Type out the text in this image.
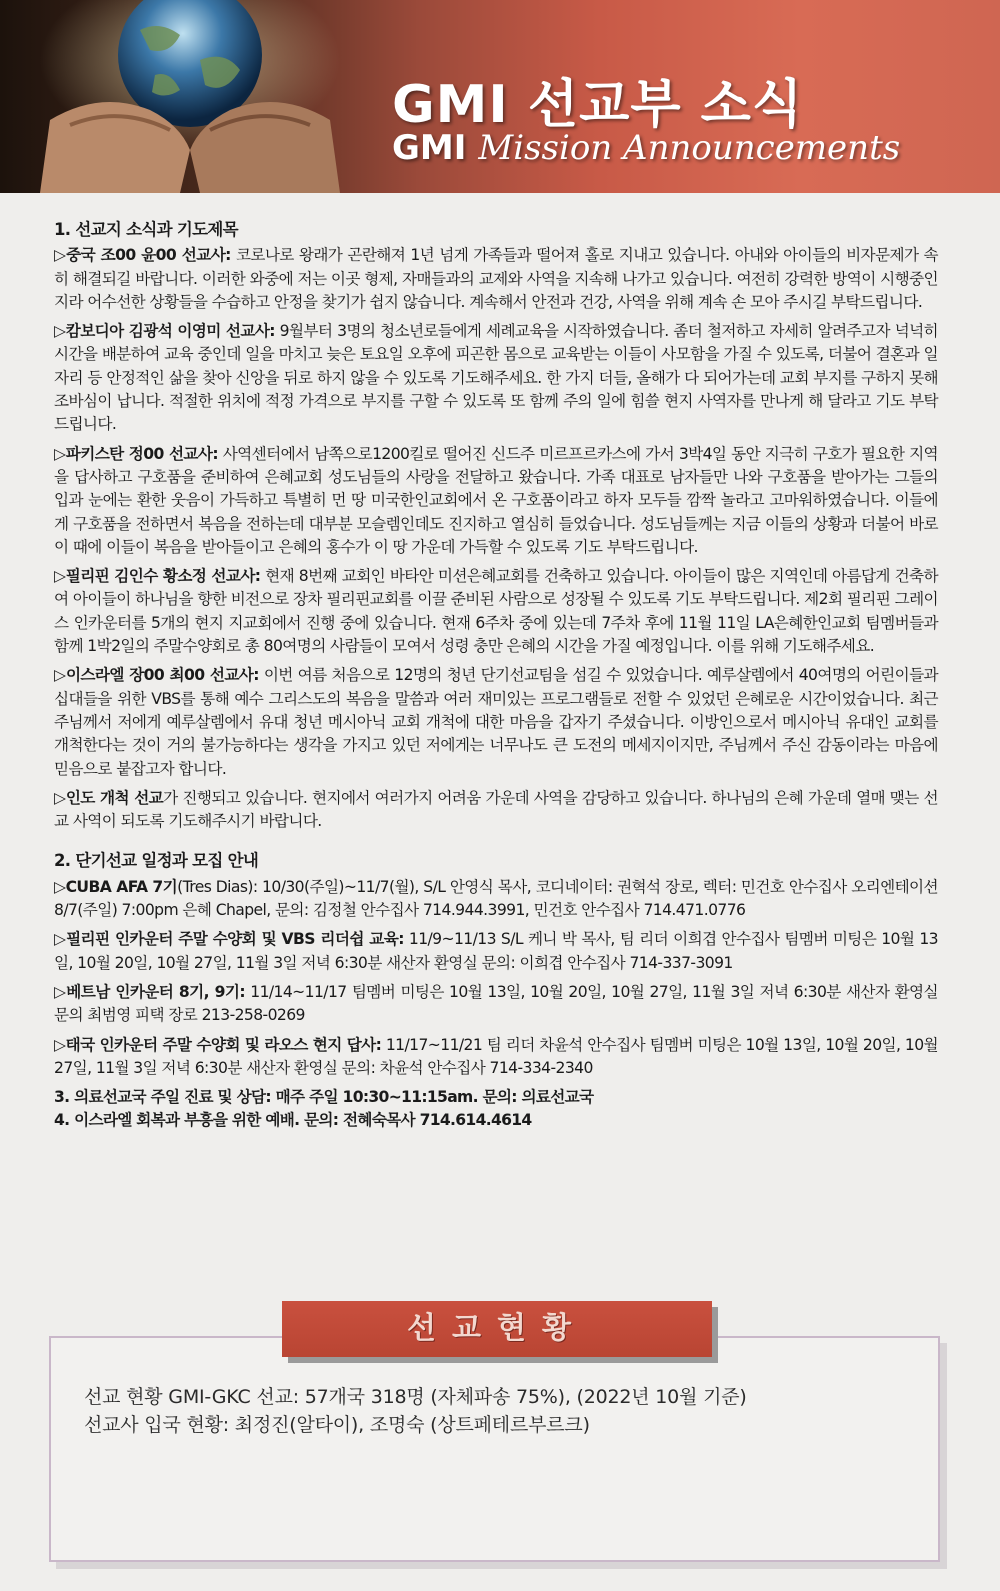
GMI 선교부 소식
GMI Mission Announcements
1. 선교지 소식과 기도제목
▷중국 조00 윤00 선교사: 코로나로 왕래가 곤란해져 1년 넘게 가족들과 떨어져 홀로 지내고 있습니다. 아내와 아이들의 비자문제가 속히 해결되길 바랍니다. 이러한 와중에 저는 이곳 형제, 자매들과의 교제와 사역을 지속해 나가고 있습니다. 여전히 강력한 방역이 시행중인지라 어수선한 상황들을 수습하고 안정을 찾기가 쉽지 않습니다. 계속해서 안전과 건강, 사역을 위해 계속 손 모아 주시길 부탁드립니다.
▷캄보디아 김광석 이영미 선교사: 9월부터 3명의 청소년로들에게 세례교육을 시작하였습니다. 좀더 철저하고 자세히 알려주고자 넉넉히 시간을 배분하여 교육 중인데 일을 마치고 늦은 토요일 오후에 피곤한 몸으로 교육받는 이들이 사모함을 가질 수 있도록, 더불어 결혼과 일자리 등 안정적인 삶을 찾아 신앙을 뒤로 하지 않을 수 있도록 기도해주세요. 한 가지 더들, 올해가 다 되어가는데 교회 부지를 구하지 못해 조바심이 납니다. 적절한 위치에 적정 가격으로 부지를 구할 수 있도록 또 함께 주의 일에 힘쓸 현지 사역자를 만나게 해 달라고 기도 부탁드립니다.
▷파키스탄 정00 선교사: 사역센터에서 남쪽으로1200킬로 떨어진 신드주 미르프르카스에 가서 3박4일 동안 지극히 구호가 필요한 지역을 답사하고 구호품을 준비하여 은혜교회 성도님들의 사랑을 전달하고 왔습니다. 가족 대표로 남자들만 나와 구호품을 받아가는 그들의 입과 눈에는 환한 웃음이 가득하고 특별히 먼 땅 미국한인교회에서 온 구호품이라고 하자 모두들 깜짝 놀라고 고마워하였습니다. 이들에게 구호품을 전하면서 복음을 전하는데 대부분 모슬렘인데도 진지하고 열심히 들었습니다. 성도님들께는 지금 이들의 상황과 더불어 바로 이 때에 이들이 복음을 받아들이고 은혜의 홍수가 이 땅 가운데 가득할 수 있도록 기도 부탁드립니다.
▷필리핀 김인수 황소정 선교사: 현재 8번째 교회인 바타안 미션은혜교회를 건축하고 있습니다. 아이들이 많은 지역인데 아름답게 건축하여 아이들이 하나님을 향한 비전으로 장차 필리핀교회를 이끌 준비된 사람으로 성장될 수 있도록 기도 부탁드립니다. 제2회 필리핀 그레이스 인카운터를 5개의 현지 지교회에서 진행 중에 있습니다. 현재 6주차 중에 있는데 7주차 후에 11월 11일 LA은혜한인교회 팀멤버들과 함께 1박2일의 주말수양회로 총 80여명의 사람들이 모여서 성령 충만 은혜의 시간을 가질 예정입니다. 이를 위해 기도해주세요.
▷이스라엘 장00 최00 선교사: 이번 여름 처음으로 12명의 청년 단기선교팀을 섬길 수 있었습니다. 예루살렘에서 40여명의 어린이들과 십대들을 위한 VBS를 통해 예수 그리스도의 복음을 말씀과 여러 재미있는 프로그램들로 전할 수 있었던 은혜로운 시간이었습니다. 최근 주님께서 저에게 예루살렘에서 유대 청년 메시아닉 교회 개척에 대한 마음을 갑자기 주셨습니다. 이방인으로서 메시아닉 유대인 교회를 개척한다는 것이 거의 불가능하다는 생각을 가지고 있던 저에게는 너무나도 큰 도전의 메세지이지만, 주님께서 주신 감동이라는 마음에 믿음으로 붙잡고자 합니다.
▷인도 개척 선교가 진행되고 있습니다. 현지에서 여러가지 어려움 가운데 사역을 감당하고 있습니다. 하나님의 은혜 가운데 열매 맺는 선교 사역이 되도록 기도해주시기 바랍니다.
2. 단기선교 일정과 모집 안내
▷CUBA AFA 7기(Tres Dias): 10/30(주일)~11/7(월), S/L 안영식 목사, 코디네이터: 권혁석 장로, 렉터: 민건호 안수집사 오리엔테이션 8/7(주일) 7:00pm 은혜 Chapel, 문의: 김정철 안수집사 714.944.3991, 민건호 안수집사 714.471.0776
▷필리핀 인카운터 주말 수양회 및 VBS 리더쉽 교육: 11/9~11/13 S/L 케니 박 목사, 팀 리더 이희겹 안수집사 팀멤버 미팅은 10월 13일, 10월 20일, 10월 27일, 11월 3일 저녁 6:30분 새산자 환영실 문의: 이희겹 안수집사 714-337-3091
▷베트남 인카운터 8기, 9기: 11/14~11/17 팀멤버 미팅은 10월 13일, 10월 20일, 10월 27일, 11월 3일 저녁 6:30분 새산자 환영실 문의 최범영 피택 장로 213-258-0269
▷태국 인카운터 주말 수양회 및 라오스 현지 답사: 11/17~11/21 팀 리더 차윤석 안수집사 팀멤버 미팅은 10월 13일, 10월 20일, 10월 27일, 11월 3일 저녁 6:30분 새산자 환영실 문의: 차윤석 안수집사 714-334-2340
3. 의료선교국 주일 진료 및 상담: 매주 주일 10:30~11:15am. 문의: 의료선교국
4. 이스라엘 회복과 부흥을 위한 예배. 문의: 전혜숙목사 714.614.4614
선교현황
선교 현황 GMI-GKC 선교: 57개국 318명 (자체파송 75%), (2022년 10월 기준)
선교사 입국 현황: 최정진(알타이), 조명숙 (상트페테르부르크)
